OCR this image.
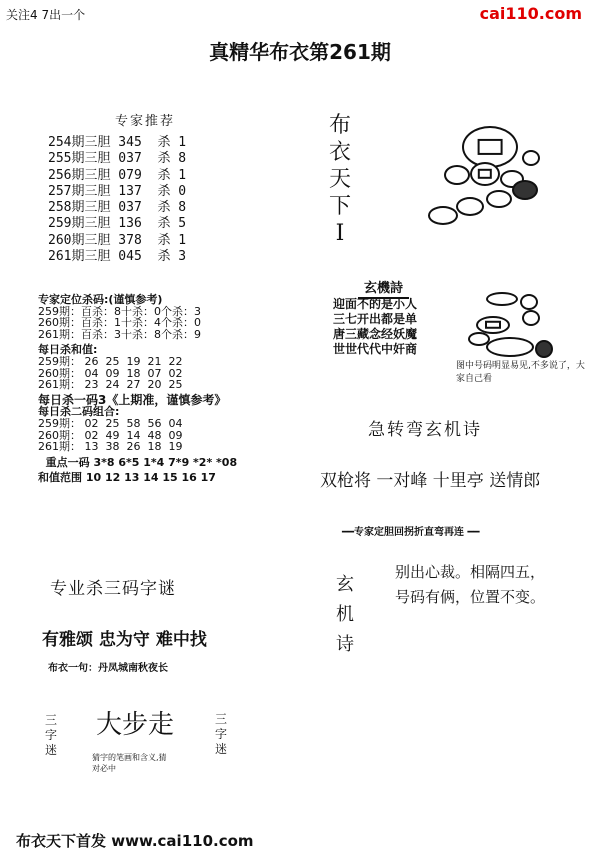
关注4 7出一个	cai110.com
真精华布衣第261期
专家推荐
254期三胆 345  杀 1
255期三胆 037  杀 8
256期三胆 079  杀 1
257期三胆 137  杀 0
258期三胆 037  杀 8
259期三胆 136  杀 5
260期三胆 378  杀 1
261期三胆 045  杀 3
布
衣
天
下
I
玄機詩
迎面不的是小人
三七开出都是单
唐三藏念经妖魔
世世代代中奸商
图中号码明显易见,不多说了，大家自己看
专家定位杀码:(谨慎参考)
259期：百杀：8十杀：0个杀：3
260期：百杀：1十杀：4个杀：0
261期：百杀：3十杀：8个杀：9
每日杀和值:
259期： 26  25  19  21  22
260期： 04  09  18  07  02
261期： 23  24  27  20  25
每日杀一码3《上期准，谨慎参考》
每日杀二码组合:
259期： 02  25  58  56  04
260期： 02  49  14  48  09
261期： 13  38  26  18  19
重点一码 3*8 6*5 1*4 7*9 *2* *08
和值范围 10 12 13 14 15 16 17
急转弯玄机诗
双枪将 一对峰 十里亭 送情郎
━━专家定胆回拐折直弯再连 ━━
玄
机
诗
别出心裁。相隔四五，
号码有俩，位置不变。
专业杀三码字谜
有雅颂 忠为守 难中找
布衣一句：丹凤城南秋夜长
三
字
迷
大步走	三
字
迷
猜字的笔画和含义,猜
对必中
布衣天下首发 www.cai110.com
